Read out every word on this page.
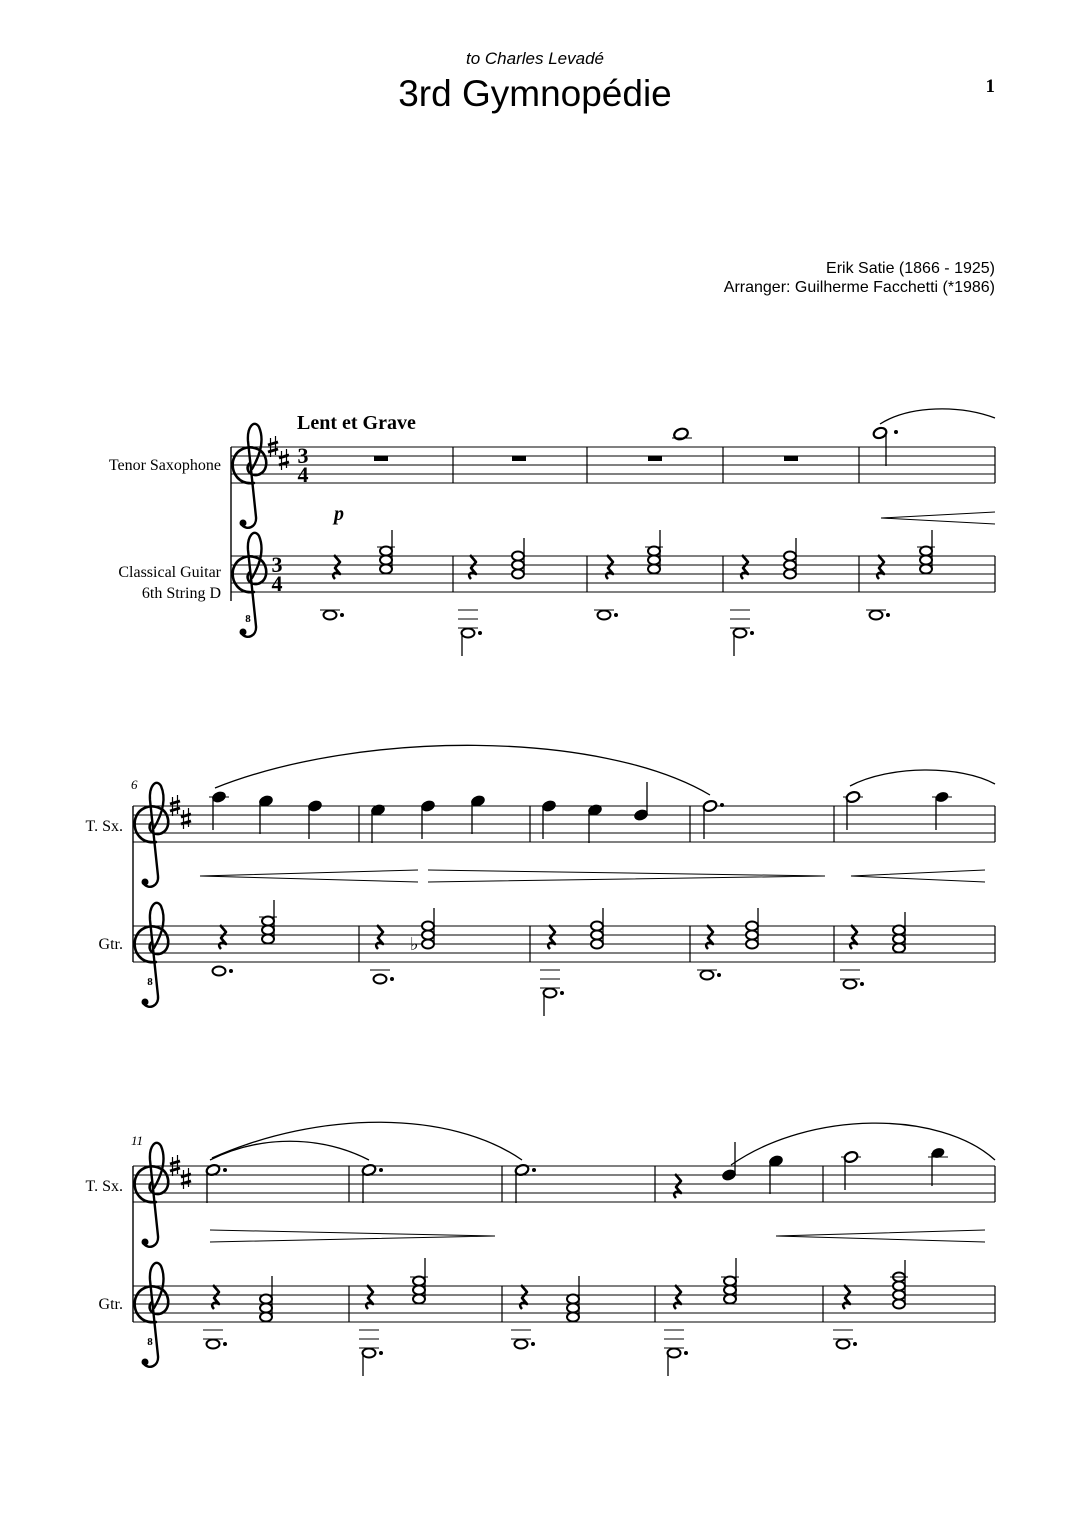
to Charles Levadé
3rd Gymnopédie	1
Erik Satie (1866 - 1925)
Arranger: Guilherme Facchetti (*1986)
Lent et Grave
Tenor Saxophone
Classical Guitar
6th String D
3
4
p
8
3
4
6
T. Sx.
Gtr.
8
♭
11
T. Sx.
Gtr.
8
